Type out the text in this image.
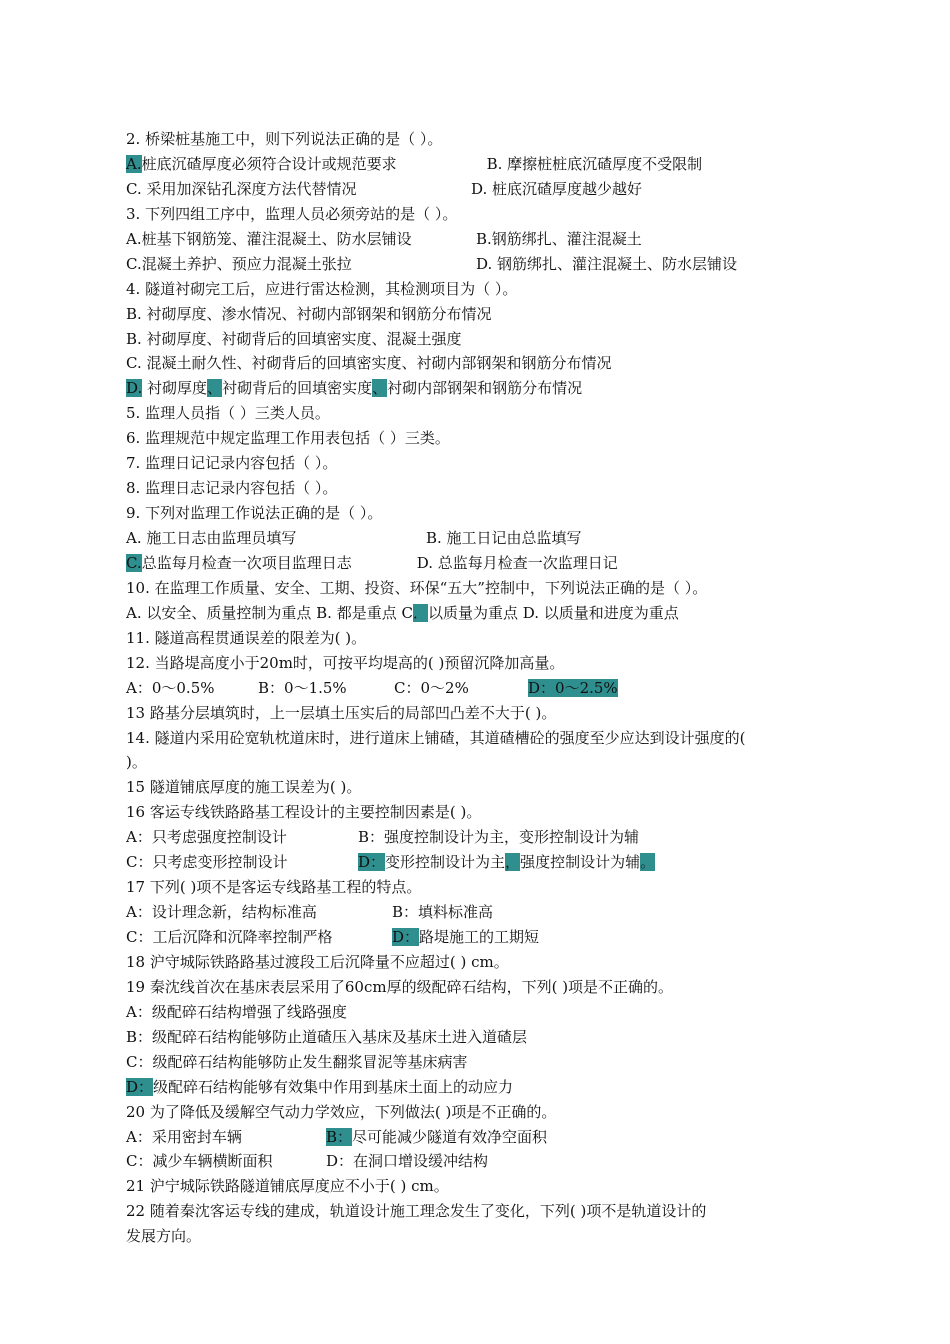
2. 桥梁桩基施工中，则下列说法正确的是（ ）。
A.桩底沉碴厚度必须符合设计或规范要求	B. 摩擦桩桩底沉碴厚度不受限制
C. 采用加深钻孔深度方法代替情况	D. 桩底沉碴厚度越少越好
3. 下列四组工序中，监理人员必须旁站的是（ ）。
A.桩基下钢筋笼、灌注混凝土、防水层铺设	B.钢筋绑扎、灌注混凝土
C.混凝土养护、预应力混凝土张拉	D. 钢筋绑扎、灌注混凝土、防水层铺设
4. 隧道衬砌完工后，应进行雷达检测，其检测项目为（ ）。
B. 衬砌厚度、渗水情况、衬砌内部钢架和钢筋分布情况
B. 衬砌厚度、衬砌背后的回填密实度、混凝土强度
C. 混凝土耐久性、衬砌背后的回填密实度、衬砌内部钢架和钢筋分布情况
D. 衬砌厚度、衬砌背后的回填密实度、衬砌内部钢架和钢筋分布情况
5. 监理人员指（ ）三类人员。
6. 监理规范中规定监理工作用表包括（ ）三类。
7. 监理日记记录内容包括（ ）。
8. 监理日志记录内容包括（ ）。
9. 下列对监理工作说法正确的是（ ）。
A. 施工日志由监理员填写	B. 施工日记由总监填写
C.总监每月检查一次项目监理日志	D. 总监每月检查一次监理日记
10. 在监理工作质量、安全、工期、投资、环保“五大”控制中，下列说法正确的是（ ）。
A. 以安全、质量控制为重点 B. 都是重点 C．以质量为重点 D. 以质量和进度为重点
11. 隧道高程贯通误差的限差为( )。
12. 当路堤高度小于20m时，可按平均堤高的( )预留沉降加高量。
A：0～0.5%	B：0～1.5%	C：0～2%	D：0～2.5%
13 路基分层填筑时，上一层填土压实后的局部凹凸差不大于( )。
14. 隧道内采用砼宽轨枕道床时，进行道床上铺碴，其道碴槽砼的强度至少应达到设计强度的(
)。
15 隧道铺底厚度的施工误差为( )。
16 客运专线铁路路基工程设计的主要控制因素是( )。
A：只考虑强度控制设计	B：强度控制设计为主，变形控制设计为辅
C：只考虑变形控制设计	D：变形控制设计为主，强度控制设计为辅。
17 下列( )项不是客运专线路基工程的特点。
A：设计理念新，结构标准高	B：填料标准高
C：工后沉降和沉降率控制严格	D：路堤施工的工期短
18 沪守城际铁路路基过渡段工后沉降量不应超过( ) cm。
19 秦沈线首次在基床表层采用了60cm厚的级配碎石结构，下列( )项是不正确的。
A：级配碎石结构增强了线路强度
B：级配碎石结构能够防止道碴压入基床及基床土进入道碴层
C：级配碎石结构能够防止发生翻浆冒泥等基床病害
D：级配碎石结构能够有效集中作用到基床土面上的动应力
20 为了降低及缓解空气动力学效应，下列做法( )项是不正确的。
A：采用密封车辆	B：尽可能减少隧道有效净空面积
C：减少车辆横断面积	D：在洞口增设缓冲结构
21 沪宁城际铁路隧道铺底厚度应不小于( ) cm。
22 随着秦沈客运专线的建成，轨道设计施工理念发生了变化，下列( )项不是轨道设计的
发展方向。
